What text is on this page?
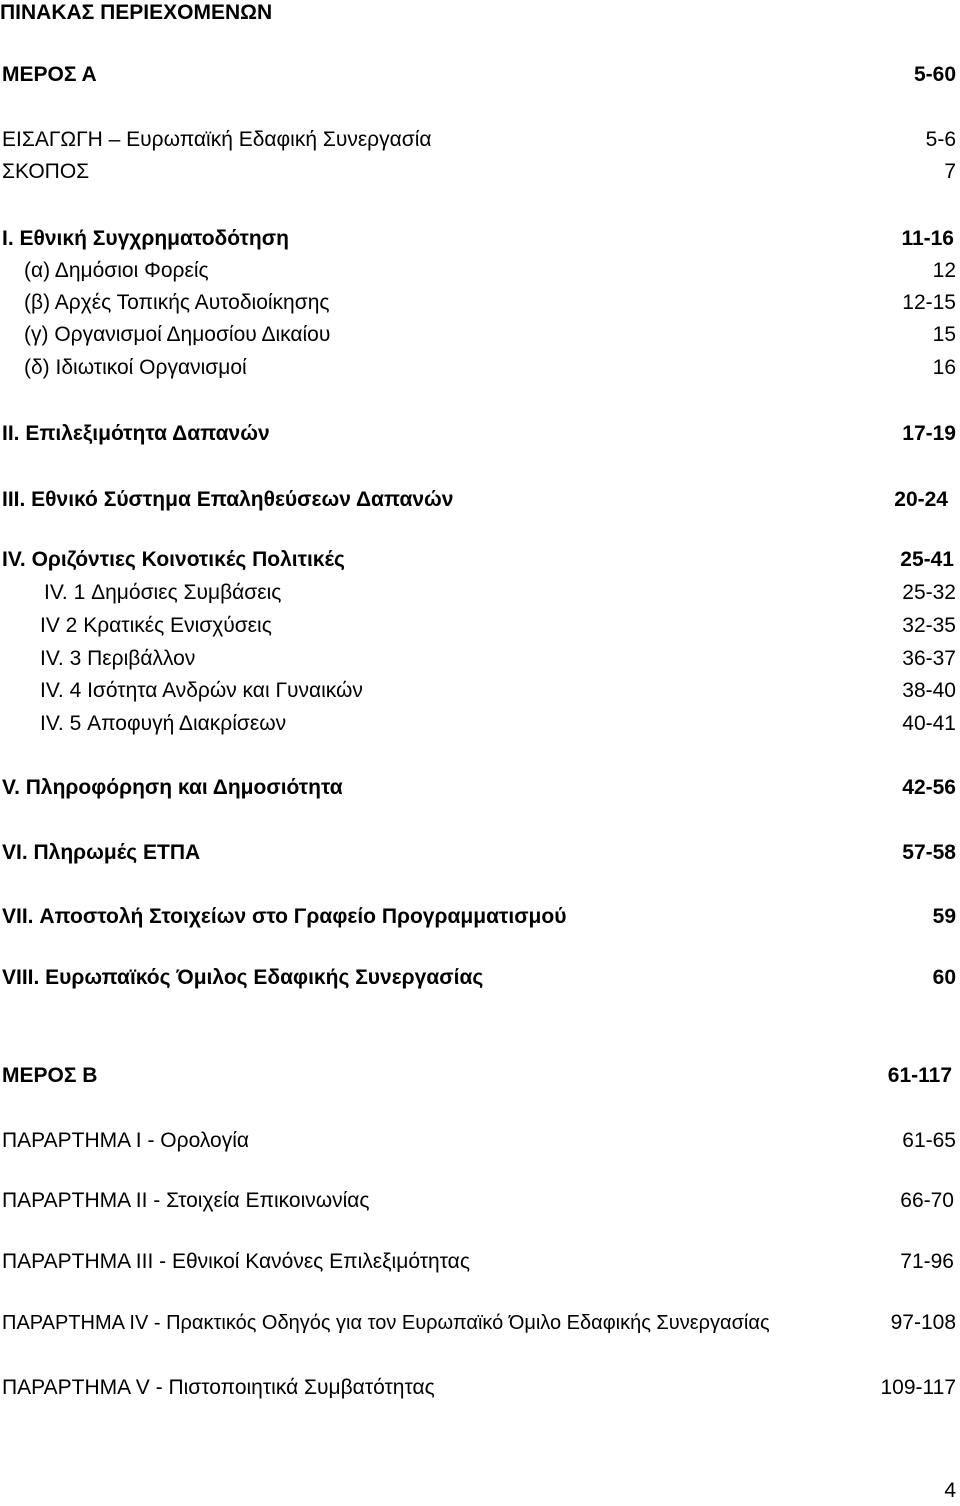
ΠΙΝΑΚΑΣ ΠΕΡΙΕΧΟΜΕΝΩΝ
ΜΕΡΟΣ Α	5-60
ΕΙΣΑΓΩΓΗ – Ευρωπαϊκή Εδαφική Συνεργασία	5-6
ΣΚΟΠΟΣ	7
I. Εθνική Συγχρηματοδότηση	11-16
(α) Δημόσιοι Φορείς	12
(β) Αρχές Τοπικής Αυτοδιοίκησης	12-15
(γ) Οργανισμοί Δημοσίου Δικαίου	15
(δ) Ιδιωτικοί Οργανισμοί	16
II. Επιλεξιμότητα Δαπανών	17-19
III. Εθνικό Σύστημα Επαληθεύσεων Δαπανών	20-24
IV. Οριζόντιες Κοινοτικές Πολιτικές	25-41
IV. 1 Δημόσιες Συμβάσεις	25-32
IV 2 Κρατικές Ενισχύσεις	32-35
IV. 3 Περιβάλλον	36-37
IV. 4 Ισότητα Ανδρών και Γυναικών	38-40
IV. 5 Αποφυγή Διακρίσεων	40-41
V. Πληροφόρηση και Δημοσιότητα	42-56
VI. Πληρωμές ΕΤΠΑ	57-58
VII. Αποστολή Στοιχείων στο Γραφείο Προγραμματισμού	59
VIII. Ευρωπαϊκός Όμιλος Εδαφικής Συνεργασίας	60
ΜΕΡΟΣ Β	61-117
ΠΑΡΑΡΤΗΜΑ Ι - Ορολογία	61-65
ΠΑΡΑΡΤΗΜΑ ΙΙ - Στοιχεία Επικοινωνίας	66-70
ΠΑΡΑΡΤΗΜΑ ΙΙΙ - Εθνικοί Κανόνες Επιλεξιμότητας	71-96
ΠΑΡΑΡΤΗΜΑ ΙV - Πρακτικός Οδηγός για τον Ευρωπαϊκό Όμιλο Εδαφικής Συνεργασίας	97-108
ΠΑΡΑΡΤΗΜΑ V - Πιστοποιητικά Συμβατότητας	109-117
4
